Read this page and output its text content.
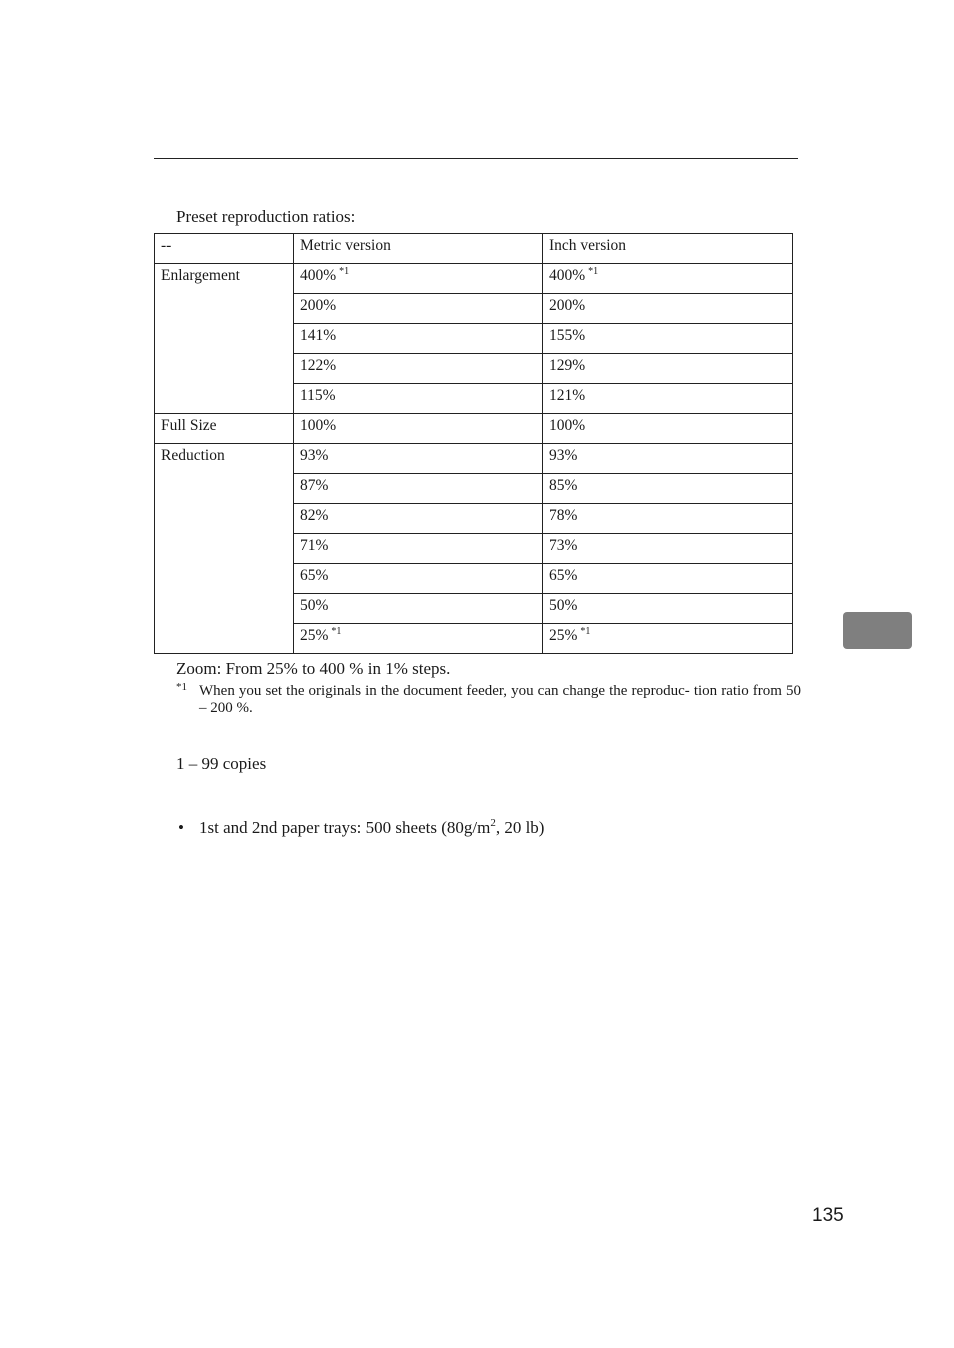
Preset reproduction ratios:
--	Metric version	Inch version
Enlargement	400% $^{*1}$	400% $^{*1}$
	200%	200%
	141%	155%
	122%	129%
	115%	121%
Full Size	100%	100%
Reduction	93%	93%
	87%	85%
	82%	78%
	71%	73%
	65%	65%
	50%	50%
	25% $^{*1}$	25% $^{*1}$
Zoom: From 25% to 400 % in 1% steps.
*1 When you set the originals in the document feeder, you can change the reproduc- tion ratio from 50 – 200 %.
1 – 99 copies
• 1st and 2nd paper trays: 500 sheets ($80g/m^2$, 20 lb)
135
